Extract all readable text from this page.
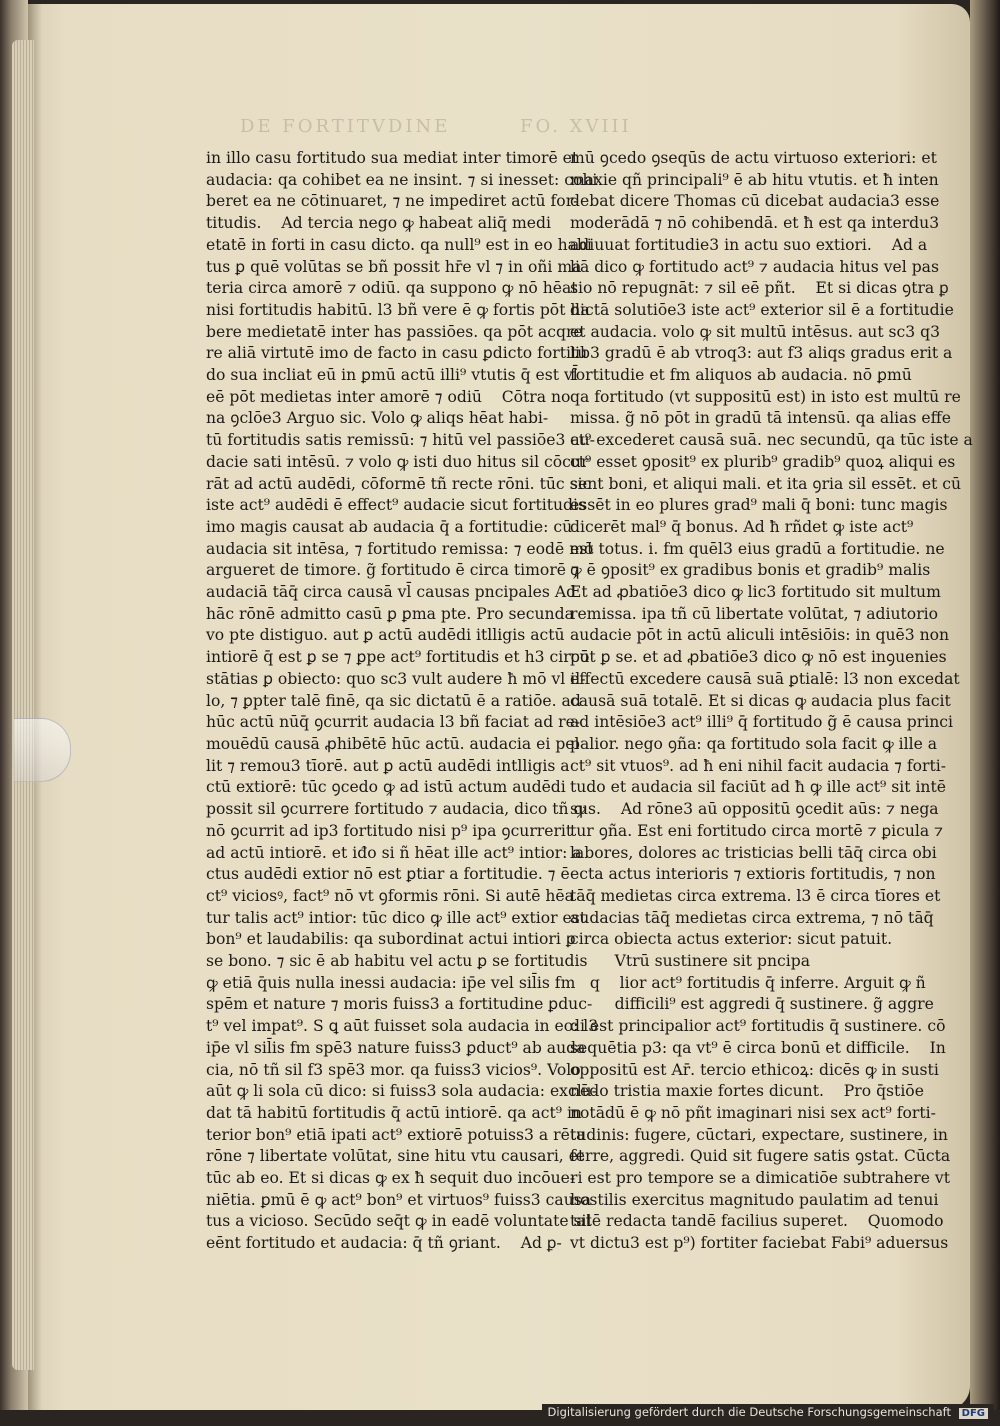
DE FORTITVDINE	FO. XVIII
in illo casu fortitudo sua mediat inter timorē et
audacia: qa cohibet ea ne insint. ⁊ si inesset: cohi
beret ea ne cōtinuaret, ⁊ ne impediret actū for-
titudis.    Ad tercia nego ꝙ habeat aliq̄ medi
etatē in forti in casu dicto. qa null⁹ est in eo habi
tus ꝑ quē volūtas se bñ possit hr̄e vl ⁊ in oñi ma
teria circa amorē ⁊ odiū. qa suppono ꝙ nō hēat
nisi fortitudis habitū. l3 bñ vere ē ꝙ fortis pōt ha
bere medietatē inter has passiōes. qa pōt acqre
re aliā virtutē imo de facto in casu ꝑdicto fortitu
do sua incliat eū in ꝑmū actū illi⁹ vtutis q̄ est vl̄
eē pōt medietas inter amorē ⁊ odiū    Cōtra no
na ꝯclōe3 Arguo sic. Volo ꝙ aliqs hēat habi-
tū fortitudis satis remissū: ⁊ hitū vel passiōe3 au-
dacie sati intēsū. ⁊ volo ꝙ isti duo hitus sil cōcur
rāt ad actū audēdi, cōformē tñ recte rōni. tūc sic
iste act⁹ audēdi ē effect⁹ audacie sicut fortitudis
imo magis causat ab audacia q̄ a fortitudie: cū
audacia sit intēsa, ⁊ fortitudo remissa: ⁊ eodē mō
argueret de timore. g̃ fortitudo ē circa timorē ⁊
audaciā tāq̄ circa causā vl̄ causas pncipales Ad
hāc rōnē admitto casū ꝑ ꝑma pte. Pro secunda
vo pte distiguo. aut ꝑ actū audēdi itlligis actū
intiorē q̄ est ꝑ se ⁊ ꝑpe act⁹ fortitudis et h3 circū
stātias ꝑ obiecto: quo sc3 vult audere ħ mō vl il-
lo, ⁊ ꝑpter talē finē, qa sic dictatū ē a ratiōe. ad
hūc actū nūq̄ ꝯcurrit audacia l3 bñ faciat ad re-
mouēdū causā ꝓhibētē hūc actū. audacia ei pel
lit ⁊ remou3 tīorē. aut ꝑ actū audēdi intlligis a
ctū extiorē: tūc ꝯcedo ꝙ ad istū actum audēdi
possit sil ꝯcurrere fortitudo ⁊ audacia, dico tñ ꝙ
nō ꝯcurrit ad ip3 fortitudo nisi p⁹ ipa ꝯcurrerit
ad actū intiorē. et iđo si ñ hēat ille act⁹ intior: a
ctus audēdi extior nō est ꝑtiar a fortitudie. ⁊ ē
ct⁹ viciosꝰ, fact⁹ nō vt ꝯformis rōni. Si autē hēa
tur talis act⁹ intior: tūc dico ꝙ ille act⁹ extior est
bon⁹ et laudabilis: qa subordinat actui intiori ꝑ
se bono. ⁊ sic ē ab habitu vel actu ꝑ se fortitudis
ꝙ etiā q̄uis nulla inessi audacia: ip̄e vel sil̄is fm
spēm et nature ⁊ moris fuiss3 a fortitudine ꝑduc-
t⁹ vel impat⁹. S ꝗ aūt fuisset sola audacia in eo: l3
ip̄e vl sil̄is fm spē3 nature fuiss3 ꝑduct⁹ ab auda
cia, nō tñ sil f3 spē3 mor. qa fuiss3 vicios⁹. Volo
aūt ꝙ li sola cū dico: si fuiss3 sola audacia: exclu-
dat tā habitū fortitudis q̄ actū intiorē. qa act⁹ in
terior bon⁹ etiā ipati act⁹ extiorē potuiss3 a rēta
rōne ⁊ libertate volūtat, sine hitu vtu causari, et
tūc ab eo. Et si dicas ꝙ ex ħ sequit duo incōue-
niētia. ꝑmū ē ꝙ act⁹ bon⁹ et virtuos⁹ fuiss3 causa
tus a vicioso. Secūdo seq̄t ꝙ in eadē voluntate sil
eēnt fortitudo et audacia: q̄ tñ ꝯriant.    Ad ꝑ-
mū ꝯcedo ꝯseqūs de actu virtuoso exteriori: et
maxie qñ principali⁹ ē ab hitu vtutis. et ħ inten
debat dicere Thomas cū dicebat audacia3 esse
moderādā ⁊ nō cohibendā. et ħ est qa interdu3
adiuuat fortitudie3 in actu suo extiori.    Ad a
liā dico ꝙ fortitudo act⁹ ⁊ audacia hitus vel pas
sio nō repugnāt: ⁊ sil eē pñt.    Et si dicas ꝯtra ꝑ
dictā solutiōe3 iste act⁹ exterior sil ē a fortitudie
et audacia. volo ꝙ sit multū intēsus. aut sc3 q3
lib3 gradū ē ab vtroq3: aut f3 aliqs gradus erit a
fortitudie et fm aliquos ab audacia. nō ꝑmū
qa fortitudo (vt suppositū est) in isto est multū re
missa. g̃ nō pōt in gradū tā intensū. qa alias effe
ct⁹ excederet causā suā. nec secundū, qa tūc iste a
ct⁹ esset ꝯposit⁹ ex plurib⁹ gradib⁹ quoꝝ aliqui es
sent boni, et aliqui mali. et ita ꝯria sil essēt. et cū
essēt in eo plures grad⁹ mali q̄ boni: tunc magis
dicerēt mal⁹ q̄ bonus. Ad ħ rñdet ꝙ iste act⁹
est totus. i. fm quēl3 eius gradū a fortitudie. ne
ꝙ ē ꝯposit⁹ ex gradibus bonis et gradib⁹ malis
Et ad ꝓbatiōe3 dico ꝙ lic3 fortitudo sit multum
remissa. ipa tñ cū libertate volūtat, ⁊ adiutorio
audacie pōt in actū aliculi intēsiōis: in quē3 non
pōt ꝑ se. et ad ꝓbatiōe3 dico ꝙ nō est inꝯuenies
effectū excedere causā suā ꝑtialē: l3 non excedat
causā suā totalē. Et si dicas ꝙ audacia plus facit
ad intēsiōe3 act⁹ illi⁹ q̄ fortitudo g̃ ē causa princi
palior. nego ꝯña: qa fortitudo sola facit ꝙ ille a
ct⁹ sit vtuos⁹. ad ħ eni nihil facit audacia ⁊ forti-
tudo et audacia sil faciūt ad ħ ꝙ ille act⁹ sit intē
sus.    Ad rōne3 aū oppositū ꝯcedit aūs: ⁊ nega
tur ꝯña. Est eni fortitudo circa mortē ⁊ ꝑicula ⁊
labores, dolores ac tristicias belli tāq̄ circa obi
ecta actus interioris ⁊ extioris fortitudis, ⁊ non
tāq̄ medietas circa extrema. l3 ē circa tīores et
audacias tāq̄ medietas circa extrema, ⁊ nō tāq̄
circa obiecta actus exterior: sicut patuit.
Vtrū sustinere sit pncipa
q    lior act⁹ fortitudis q̄ inferre. Arguit ꝙ ñ
difficili⁹ est aggredi q̄ sustinere. g̃ aggre
di est principalior act⁹ fortitudis q̄ sustinere. cō
sequētia p3: qa vt⁹ ē circa bonū et difficile.    In
oppositū est Ar̄. tercio ethicoꝝ: dicēs ꝙ in susti
nēdo tristia maxie fortes dicunt.    Pro q̄stiōe
notādū ē ꝙ nō pñt imaginari nisi sex act⁹ forti-
tudinis: fugere, cūctari, expectare, sustinere, in
ferre, aggredi. Quid sit fugere satis ꝯstat. Cūcta
ri est pro tempore se a dimicatiōe subtrahere vt
hostilis exercitus magnitudo paulatim ad tenui
tatē redacta tandē facilius superet.    Quomodo
vt dictu3 est p⁹) fortiter faciebat Fabi⁹ aduersus
Digitalisierung gefördert durch die Deutsche Forschungsgemeinschaft DFG
